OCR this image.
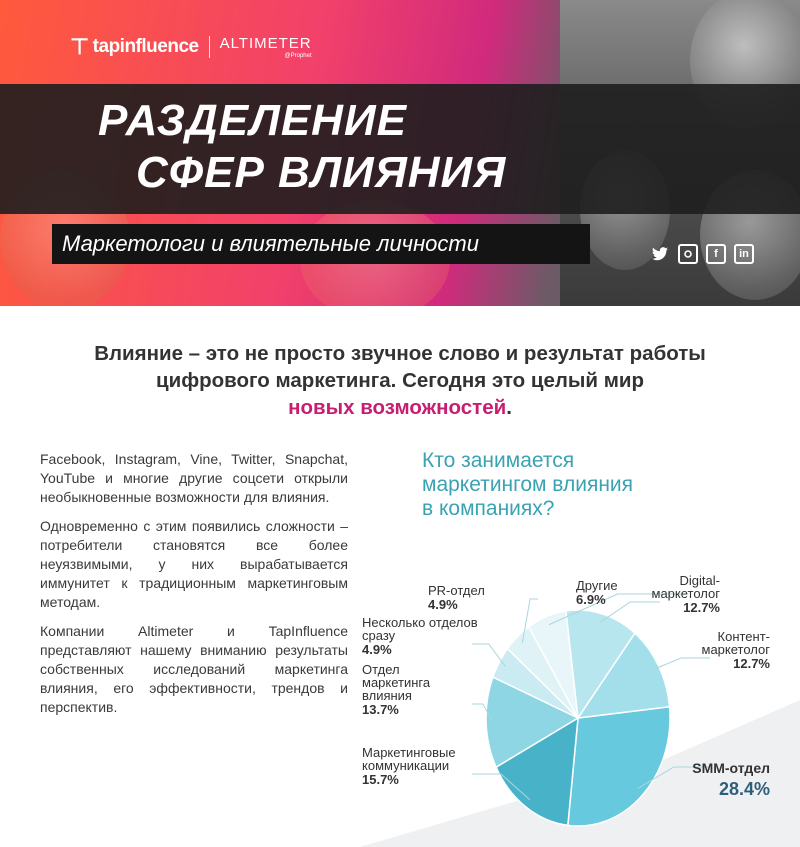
⊤ tapinfluence ALTIMETER
@Prophet
РАЗДЕЛЕНИЕ
СФЕР ВЛИЯНИЯ
Маркетологи и влиятельные личности	f	in
Влияние – это не просто звучное слово и результат работы
цифрового маркетинга. Сегодня это целый мир
новых возможностей.

Facebook, Instagram, Vine, Twitter, Snapchat, YouTube и многие другие соцсети открыли необыкновенные возможности для влияния.

Одновременно с этим появились сложности – потребители становятся все более неуязвимыми, у них вырабатывается иммунитет к традиционным маркетинговым методам.

Компании Altimeter и TapInfluence представляют нашему вниманию результаты собственных исследований маркетинга влияния, его эффективности, трендов и перспектив.

Кто занимается
маркетингом влияния
в компаниях?
SMM-отдел
28.4%
Маркетинговые коммуникации
15.7%
Отдел маркетинга влияния
13.7%
Несколько отделов сразу
4.9%
PR-отдел
4.9%
Другие
6.9%
Digital-маркетолог
12.7%
Контент-маркетолог
12.7%
